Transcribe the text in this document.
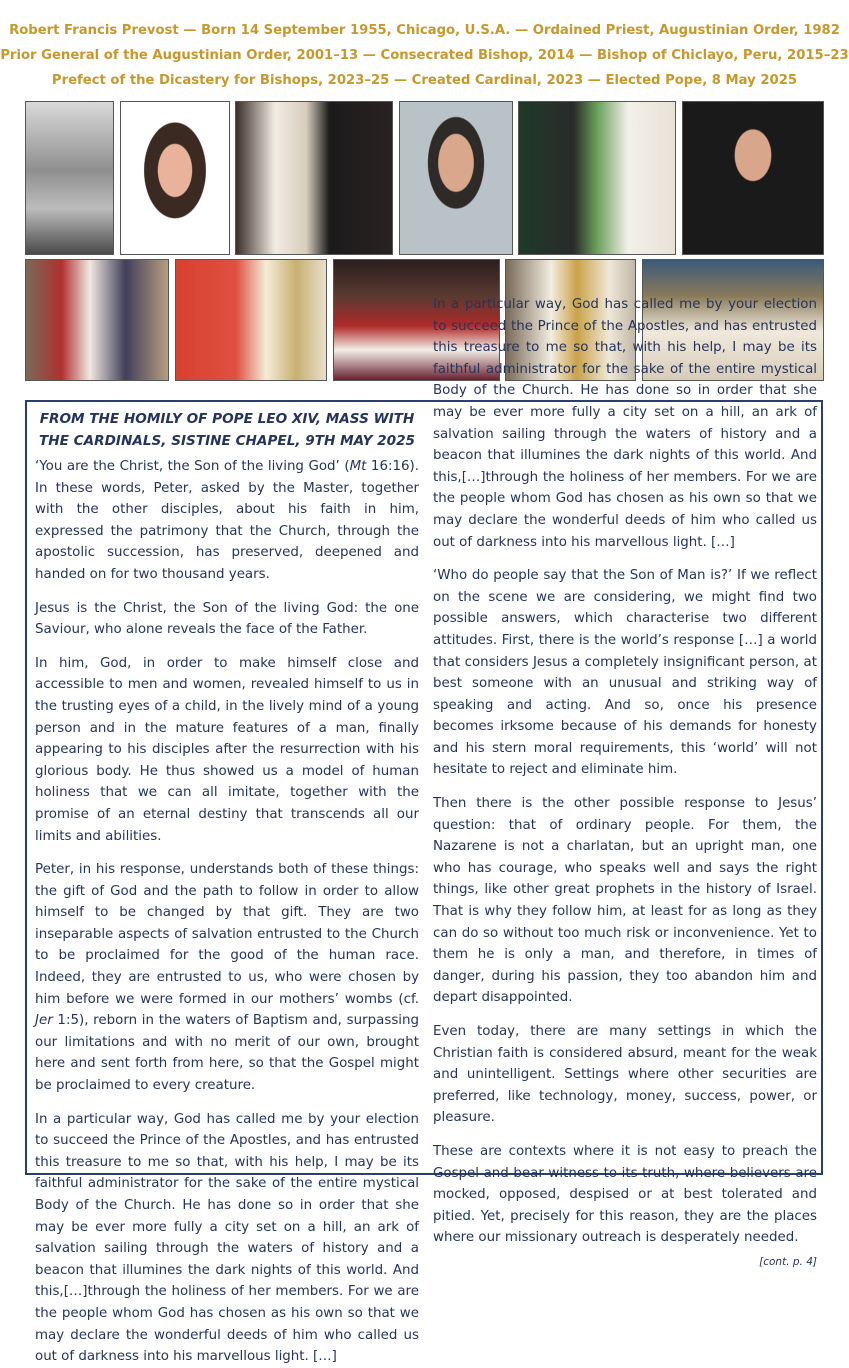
Robert Francis Prevost — Born 14 September 1955, Chicago, U.S.A. — Ordained Priest, Augustinian Order, 1982
Prior General of the Augustinian Order, 2001–13 — Consecrated Bishop, 2014 — Bishop of Chiclayo, Peru, 2015–23
Prefect of the Dicastery for Bishops, 2023–25 — Created Cardinal, 2023 — Elected Pope, 8 May 2025
FROM THE HOMILY OF POPE LEO XIV, MASS WITH THE CARDINALS, SISTINE CHAPEL, 9TH MAY 2025

‘You are the Christ, the Son of the living God’ (Mt 16:16). In these words, Peter, asked by the Master, together with the other disciples, about his faith in him, expressed the patrimony that the Church, through the apostolic succession, has preserved, deepened and handed on for two thousand years.

Jesus is the Christ, the Son of the living God: the one Saviour, who alone reveals the face of the Father.

In him, God, in order to make himself close and accessible to men and women, revealed himself to us in the trusting eyes of a child, in the lively mind of a young person and in the mature features of a man, finally appearing to his disciples after the resurrection with his glorious body. He thus showed us a model of human holiness that we can all imitate, together with the promise of an eternal destiny that transcends all our limits and abilities.

Peter, in his response, understands both of these things: the gift of God and the path to follow in order to allow himself to be changed by that gift. They are two inseparable aspects of salvation entrusted to the Church to be proclaimed for the good of the human race. Indeed, they are entrusted to us, who were chosen by him before we were formed in our mothers’ wombs (cf. Jer 1:5), reborn in the waters of Baptism and, surpassing our limitations and with no merit of our own, brought here and sent forth from here, so that the Gospel might be proclaimed to every creature.

In a particular way, God has called me by your election to succeed the Prince of the Apostles, and has entrusted this treasure to me so that, with his help, I may be its faithful administrator for the sake of the entire mystical Body of the Church. He has done so in order that she may be ever more fully a city set on a hill, an ark of salvation sailing through the waters of history and a beacon that illumines the dark nights of this world. And this,[…]through the holiness of her members. For we are the people whom God has chosen as his own so that we may declare the wonderful deeds of him who called us out of darkness into his marvellous light. […]

In a particular way, God has called me by your election to succeed the Prince of the Apostles, and has entrusted this treasure to me so that, with his help, I may be its faithful administrator for the sake of the entire mystical Body of the Church. He has done so in order that she may be ever more fully a city set on a hill, an ark of salvation sailing through the waters of history and a beacon that illumines the dark nights of this world. And this,[…]through the holiness of her members. For we are the people whom God has chosen as his own so that we may declare the wonderful deeds of him who called us out of darkness into his marvellous light. […]

‘Who do people say that the Son of Man is?’ If we reflect on the scene we are considering, we might find two possible answers, which characterise two different attitudes. First, there is the world’s response […] a world that considers Jesus a completely insignificant person, at best someone with an unusual and striking way of speaking and acting. And so, once his presence becomes irksome because of his demands for honesty and his stern moral requirements, this ‘world’ will not hesitate to reject and eliminate him.

Then there is the other possible response to Jesus’ question: that of ordinary people. For them, the Nazarene is not a charlatan, but an upright man, one who has courage, who speaks well and says the right things, like other great prophets in the history of Israel. That is why they follow him, at least for as long as they can do so without too much risk or inconvenience. Yet to them he is only a man, and therefore, in times of danger, during his passion, they too abandon him and depart disappointed.

Even today, there are many settings in which the Christian faith is considered absurd, meant for the weak and unintelligent. Settings where other securities are preferred, like technology, money, success, power, or pleasure.

These are contexts where it is not easy to preach the Gospel and bear witness to its truth, where believers are mocked, opposed, despised or at best tolerated and pitied. Yet, precisely for this reason, they are the places where our missionary outreach is desperately needed.
[cont. p. 4]
